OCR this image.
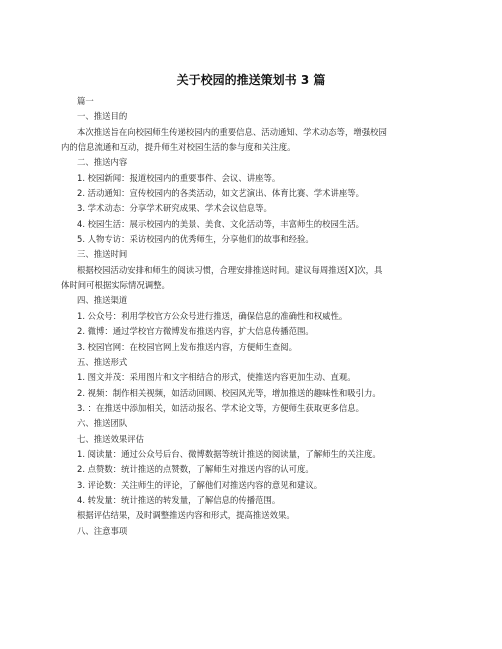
关于校园的推送策划书 3 篇
篇一
一、推送目的
本次推送旨在向校园师生传递校园内的重要信息、活动通知、学术动态等，增强校园
内的信息流通和互动，提升师生对校园生活的参与度和关注度。
二、推送内容
1. 校园新闻：报道校园内的重要事件、会议、讲座等。
2. 活动通知：宣传校园内的各类活动，如文艺演出、体育比赛、学术讲座等。
3. 学术动态：分享学术研究成果、学术会议信息等。
4. 校园生活：展示校园内的美景、美食、文化活动等，丰富师生的校园生活。
5. 人物专访：采访校园内的优秀师生，分享他们的故事和经验。
三、推送时间
根据校园活动安排和师生的阅读习惯，合理安排推送时间。建议每周推送[X]次，具
体时间可根据实际情况调整。
四、推送渠道
1. 公众号：利用学校官方公众号进行推送，确保信息的准确性和权威性。
2. 微博：通过学校官方微博发布推送内容，扩大信息传播范围。
3. 校园官网：在校园官网上发布推送内容，方便师生查阅。
五、推送形式
1. 图文并茂：采用图片和文字相结合的形式，使推送内容更加生动、直观。
2. 视频：制作相关视频，如活动回顾、校园风光等，增加推送的趣味性和吸引力。
3. ：在推送中添加相关，如活动报名、学术论文等，方便师生获取更多信息。
六、推送团队
七、推送效果评估
1. 阅读量：通过公众号后台、微博数据等统计推送的阅读量，了解师生的关注度。
2. 点赞数：统计推送的点赞数，了解师生对推送内容的认可度。
3. 评论数：关注师生的评论，了解他们对推送内容的意见和建议。
4. 转发量：统计推送的转发量，了解信息的传播范围。
根据评估结果，及时调整推送内容和形式，提高推送效果。
八、注意事项
